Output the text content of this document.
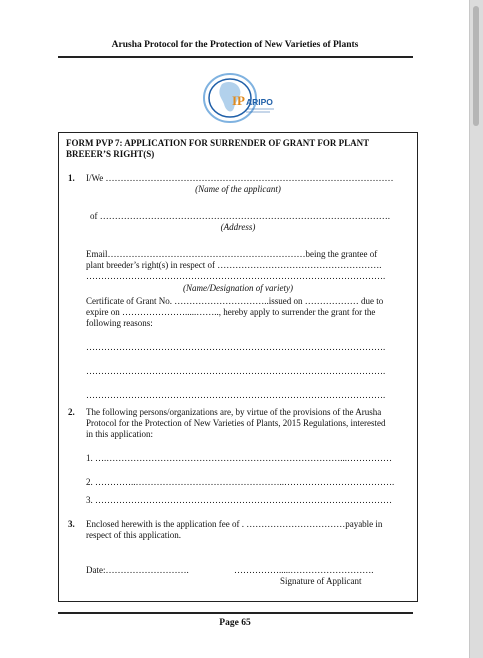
Arusha Protocol for the Protection of New Varieties of Plants
IP ARIPO
FORM PVP 7: APPLICATION FOR SURRENDER OF GRANT FOR PLANT
BREEER’S RIGHT(S)
1. I/We ……………………………………………………………………………………
(Name of the applicant)
of …………………………………………………………………………………….
(Address)
Email…………………………………………………………being the grantee of
plant breeder’s right(s) in respect of ……………………………………………….
……………………………………………………………………………………….
(Name/Designation of variety)
Certificate of Grant No. …………………………..issued on ……………… due to
expire on ………………….....…….., hereby apply to surrender the grant for the
following reasons:
……………………………………………………………………………………….
……………………………………………………………………………………….
……………………………………………………………………………………….
2. The following persons/organizations are, by virtue of the provisions of the Arusha
Protocol for the Protection of New Varieties of Plants, 2015 Regulations, interested
in this application:
1. ….……………………………………………………………………...……………
2. …………..…………………………………………..……………………………….
3. ………………………………………………………………………………………
3. Enclosed herewith is the application fee of . ……………………………payable in
respect of this application.
Date:……………………….	…………….....……………………….
Signature of Applicant
Page 65
